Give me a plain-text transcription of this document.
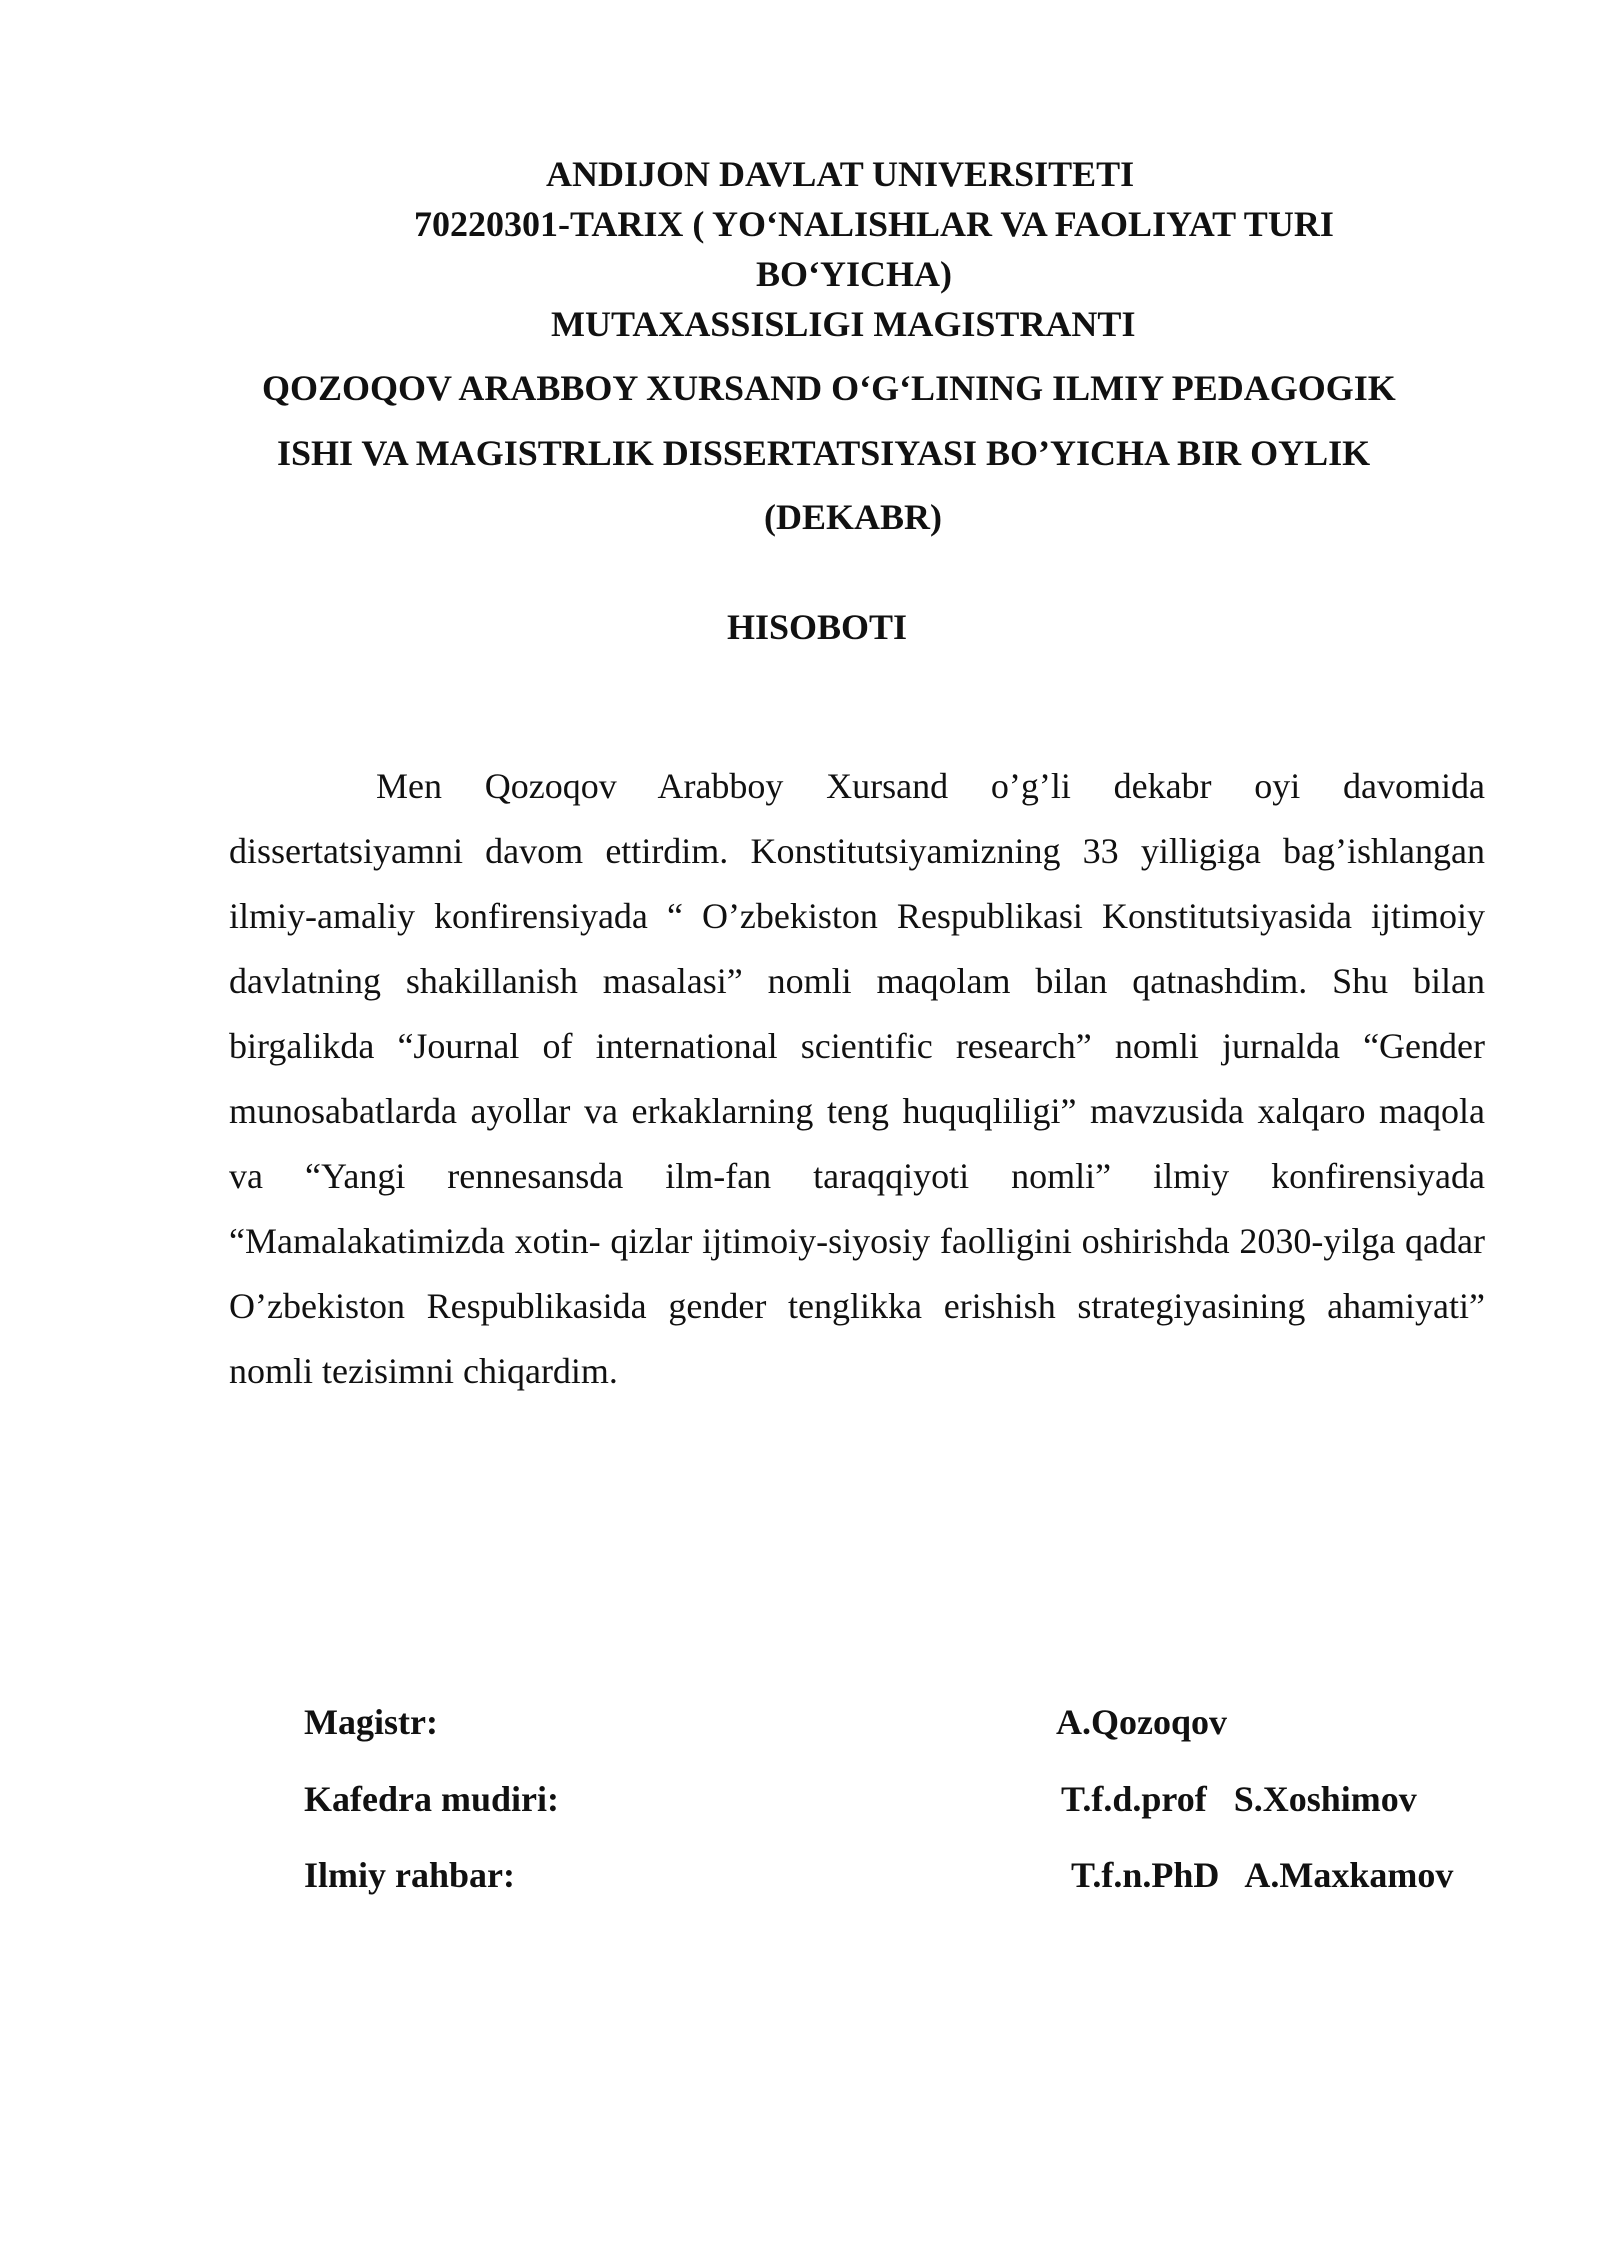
ANDIJON DAVLAT UNIVERSITETI
70220301-TARIX ( YO‘NALISHLAR VA FAOLIYAT TURI
BO‘YICHA)
MUTAXASSISLIGI MAGISTRANTI
QOZOQOV ARABBOY XURSAND O‘G‘LINING ILMIY PEDAGOGIK
ISHI VA MAGISTRLIK DISSERTATSIYASI BO’YICHA BIR OYLIK
(DEKABR)
HISOBOTI

Men Qozoqov Arabboy Xursand o’g’li dekabr oyi davomida dissertatsiyamni davom ettirdim. Konstitutsiyamizning 33 yilligiga bag’ishlangan ilmiy-amaliy konfirensiyada “ O’zbekiston Respublikasi Konstitutsiyasida ijtimoiy davlatning shakillanish masalasi” nomli maqolam bilan qatnashdim. Shu bilan birgalikda “Journal of international scientific research” nomli jurnalda “Gender munosabatlarda ayollar va erkaklarning teng huquqliligi” mavzusida xalqaro maqola va “Yangi rennesansda ilm-fan taraqqiyoti nomli” ilmiy konfirensiyada “Mamalakatimizda xotin- qizlar ijtimoiy-siyosiy faolligini oshirishda 2030-yilga qadar O’zbekiston Respublikasida gender tenglikka erishish strategiyasining ahamiyati” nomli tezisimni chiqardim.

Magistr:	A.Qozoqov
Kafedra mudiri:	T.f.d.prof   S.Xoshimov
Ilmiy rahbar:	T.f.n.PhD   A.Maxkamov
